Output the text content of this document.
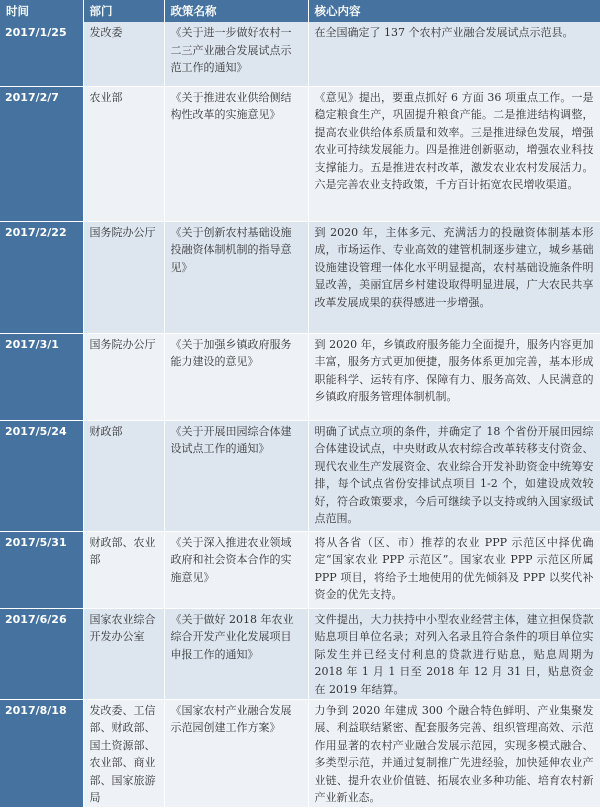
时间	部门	政策名称	核心内容
2017/1/25	发改委	《关于进一步做好农村一二三产业融合发展试点示范工作的通知》	在全国确定了 137 个农村产业融合发展试点示范县。
2017/2/7	农业部	《关于推进农业供给侧结构性改革的实施意见》	《意见》提出，要重点抓好 6 方面 36 项重点工作。一是稳定粮食生产，巩固提升粮食产能。二是推进结构调整，提高农业供给体系质量和效率。三是推进绿色发展，增强农业可持续发展能力。四是推进创新驱动，增强农业科技支撑能力。五是推进农村改革，激发农业农村发展活力。六是完善农业支持政策，千方百计拓宽农民增收渠道。
2017/2/22	国务院办公厅	《关于创新农村基础设施投融资体制机制的指导意见》	到 2020 年，主体多元、充满活力的投融资体制基本形成，市场运作、专业高效的建管机制逐步建立，城乡基础设施建设管理一体化水平明显提高，农村基础设施条件明显改善，美丽宜居乡村建设取得明显进展，广大农民共享改革发展成果的获得感进一步增强。
2017/3/1	国务院办公厅	《关于加强乡镇政府服务能力建设的意见》	到 2020 年，乡镇政府服务能力全面提升，服务内容更加丰富，服务方式更加便捷，服务体系更加完善，基本形成职能科学、运转有序、保障有力、服务高效、人民满意的乡镇政府服务管理体制机制。
2017/5/24	财政部	《关于开展田园综合体建设试点工作的通知》	明确了试点立项的条件，并确定了 18 个省份开展田园综合体建设试点，中央财政从农村综合改革转移支付资金、现代农业生产发展资金、农业综合开发补助资金中统筹安排，每个试点省份安排试点项目 1-2 个，如建设成效较好，符合政策要求，今后可继续予以支持或纳入国家级试点范围。
2017/5/31	财政部、农业部	《关于深入推进农业领域政府和社会资本合作的实施意见》	将从各省（区、市）推荐的农业 PPP 示范区中择优确定“国家农业 PPP 示范区”。国家农业 PPP 示范区所属 PPP 项目，将给予土地使用的优先倾斜及 PPP 以奖代补资金的优先支持。
2017/6/26	国家农业综合开发办公室	《关于做好 2018 年农业综合开发产业化发展项目申报工作的通知》	文件提出，大力扶持中小型农业经营主体，建立担保贷款贴息项目单位名录；对列入名录且符合条件的项目单位实际发生并已经支付利息的贷款进行贴息，贴息周期为 2018 年 1 月 1 日至 2018 年 12 月 31 日，贴息资金在 2019 年结算。
2017/8/18	发改委、工信部、财政部、国土资源部、农业部、商业部、国家旅游局	《国家农村产业融合发展示范园创建工作方案》	力争到 2020 年建成 300 个融合特色鲜明、产业集聚发展、利益联结紧密、配套服务完善、组织管理高效、示范作用显著的农村产业融合发展示范园，实现多模式融合、多类型示范，并通过复制推广先进经验，加快延伸农业产业链、提升农业价值链、拓展农业多种功能、培育农村新产业新业态。
